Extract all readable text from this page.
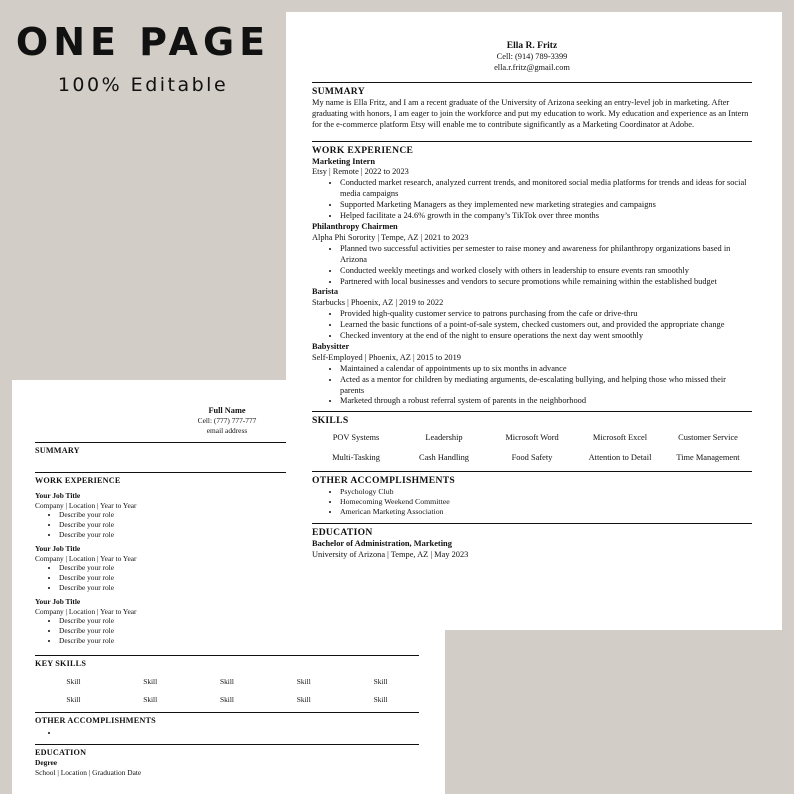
ONE PAGE
100% Editable
Full Name
Cell: (777) 777-777
email address
SUMMARY
WORK EXPERIENCE
Your Job Title
Company | Location | Year to Year
• Describe your role
• Describe your role
• Describe your role
Your Job Title
Company | Location | Year to Year
• Describe your role
• Describe your role
• Describe your role
Your Job Title
Company | Location | Year to Year
• Describe your role
• Describe your role
• Describe your role
KEY SKILLS
Skill	Skill	Skill	Skill	Skill
Skill	Skill	Skill	Skill	Skill
OTHER ACCOMPLISHMENTS
•
EDUCATION
Degree
School | Location | Graduation Date
Ella R. Fritz
Cell: (914) 789-3399
ella.r.fritz@gmail.com
SUMMARY

My name is Ella Fritz, and I am a recent graduate of the University of Arizona seeking an entry-level job in marketing. After graduating with honors, I am eager to join the workforce and put my education to work. My education and experience as an Intern for the e-commerce platform Etsy will enable me to contribute significantly as a Marketing Coordinator at Adobe.

WORK EXPERIENCE
Marketing Intern
Etsy | Remote | 2022 to 2023
• Conducted market research, analyzed current trends, and monitored social media platforms for trends and ideas for social media campaigns
• Supported Marketing Managers as they implemented new marketing strategies and campaigns
• Helped facilitate a 24.6% growth in the company’s TikTok over three months
Philanthropy Chairmen
Alpha Phi Sorority | Tempe, AZ | 2021 to 2023
• Planned two successful activities per semester to raise money and awareness for philanthropy organizations based in Arizona
• Conducted weekly meetings and worked closely with others in leadership to ensure events ran smoothly
• Partnered with local businesses and vendors to secure promotions while remaining within the established budget
Barista
Starbucks | Phoenix, AZ | 2019 to 2022
• Provided high-quality customer service to patrons purchasing from the cafe or drive-thru
• Learned the basic functions of a point-of-sale system, checked customers out, and provided the appropriate change
• Checked inventory at the end of the night to ensure operations the next day went smoothly
Babysitter
Self-Employed | Phoenix, AZ | 2015 to 2019
• Maintained a calendar of appointments up to six months in advance
• Acted as a mentor for children by mediating arguments, de-escalating bullying, and helping those who missed their parents
• Marketed through a robust referral system of parents in the neighborhood
SKILLS
POV Systems	Leadership	Microsoft Word	Microsoft Excel	Customer Service
Multi-Tasking	Cash Handling	Food Safety	Attention to Detail	Time Management
OTHER ACCOMPLISHMENTS
• Psychology Club
• Homecoming Weekend Committee
• American Marketing Association
EDUCATION
Bachelor of Administration, Marketing
University of Arizona | Tempe, AZ | May 2023
